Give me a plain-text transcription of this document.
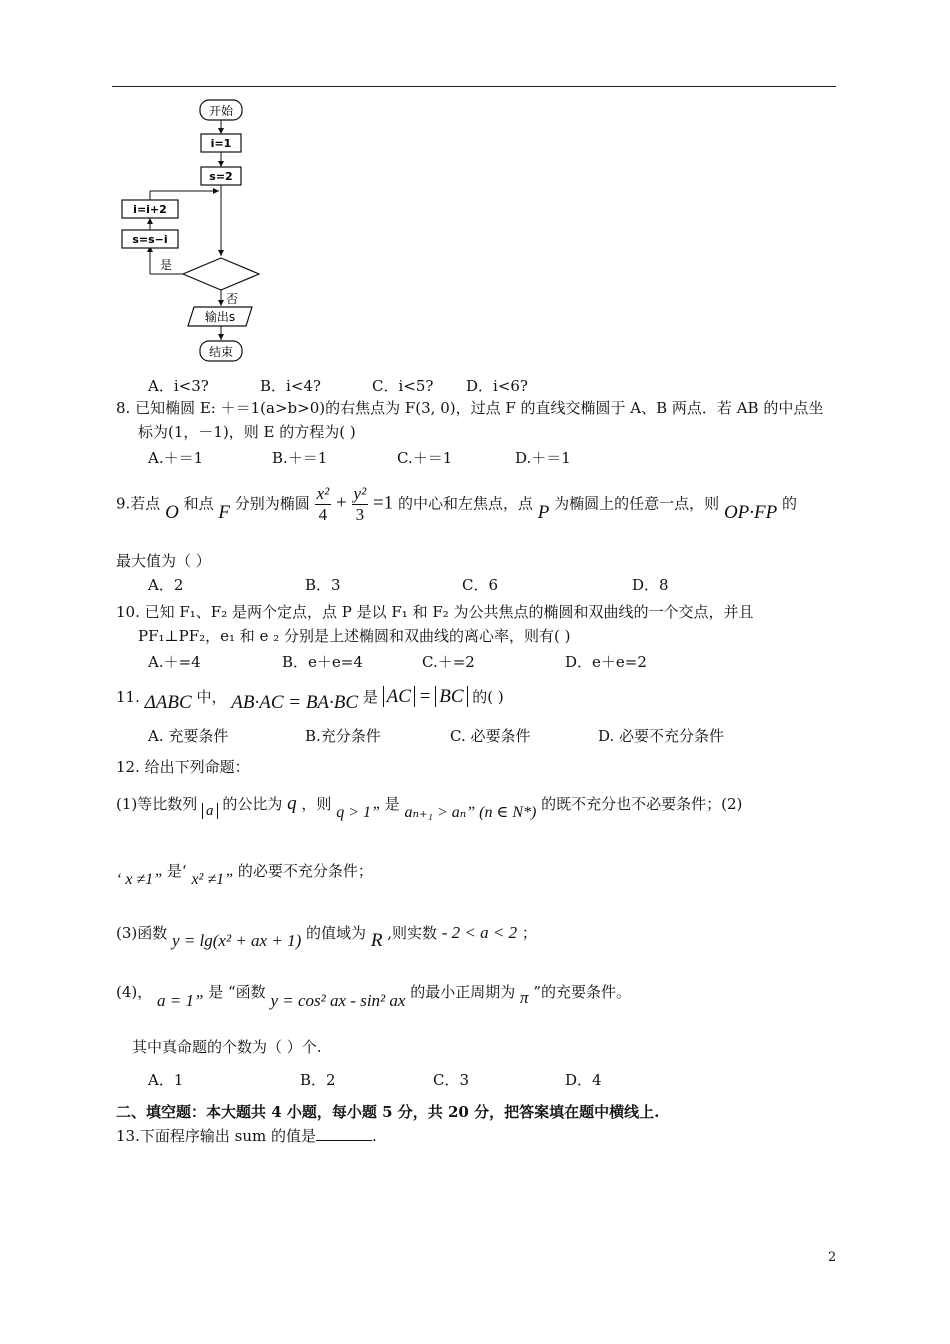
开始
i=1
s=2
是
s=s−i
i=i+2
否
输出s
结束
A．i<3?	B．i<4?	C．i<5? D．i<6?
8. 已知椭圆 E: ＋＝1(a>b>0)的右焦点为 F(3, 0)，过点 F 的直线交椭圆于 A、B 两点．若 AB 的中点坐
标为(1，－1)，则 E 的方程为( )
A.＋＝1	B.＋＝1	C.＋＝1	D.＋＝1
9.若点 O 和点 F 分别为椭圆 $\frac{\text{x²}}{4} + \frac{\text{y²}}{3} =1$ 的中心和左焦点，点 P 为椭圆上的任意一点，则 OP·FP 的
最大值为（ ）
A．2	B．3	C．6	D．8
10. 已知 F₁、F₂ 是两个定点，点 P 是以 F₁ 和 F₂ 为公共焦点的椭圆和双曲线的一个交点，并且
PF₁⊥PF₂，e₁ 和 e ₂ 分别是上述椭圆和双曲线的离心率，则有( )
A.＋=4	B．e＋e=4	C.＋=2	D．e＋e=2
11. ΔABC 中， AB·AC = BA·BC 是 AC = BC 的( )
A. 充要条件	B.充分条件	C. 必要条件	D. 必要不充分条件
12. 给出下列命题：
(1)等比数列 a 的公比为 q ，则 q > 1” 是 aₙ₊₁ > aₙ” (n ∈ N*) 的既不充分也不必要条件；(2)
‘ x ≠1” 是‘ x² ≠1” 的必要不充分条件；
(3)函数 y = lg(x² + ax + 1) 的值域为 R ,则实数 - 2 < a < 2 ；
(4)， a = 1” 是 “函数 y = cos² ax - sin² ax 的最小正周期为 π ”的充要条件。
其中真命题的个数为（ ）个.
A．1	B．2	C．3	D．4
二、填空题：本大题共 4 小题，每小题 5 分，共 20 分，把答案填在题中横线上.
13.下面程序输出 sum 的值是	.
2
